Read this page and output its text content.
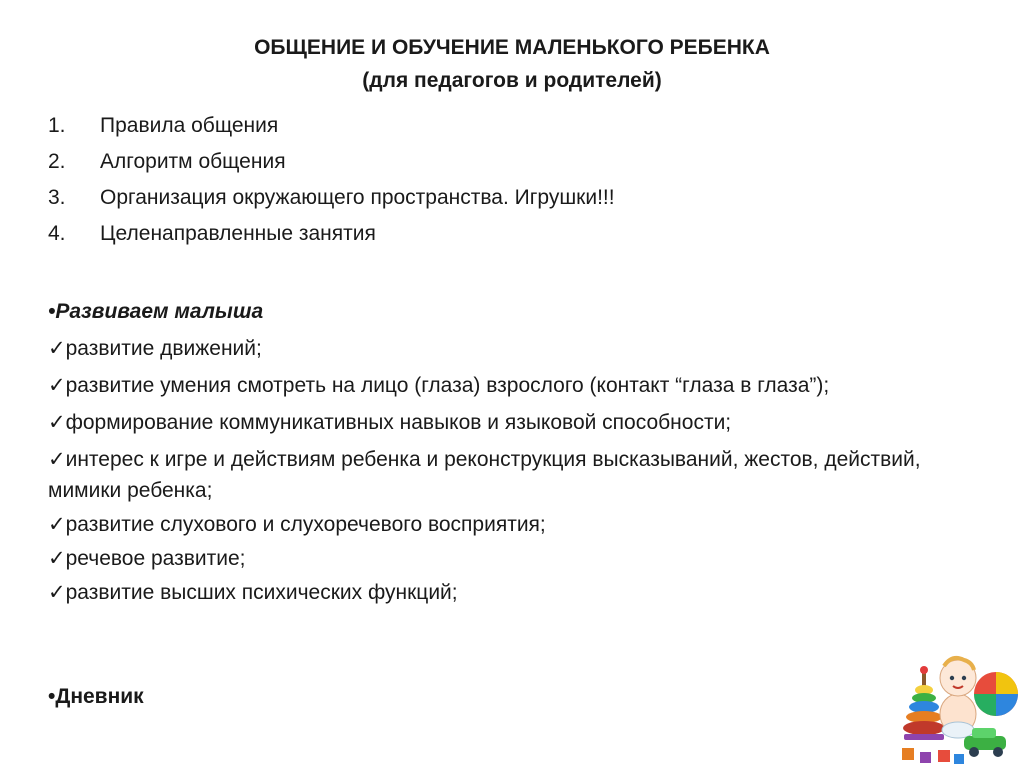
ОБЩЕНИЕ И ОБУЧЕНИЕ МАЛЕНЬКОГО РЕБЕНКА
(для педагогов и родителей)
1.	Правила общения
2.	Алгоритм общения
3.	Организация окружающего пространства. Игрушки!!!
4.	Целенаправленные занятия
•Развиваем малыша
✓развитие движений;
✓развитие умения смотреть на лицо (глаза) взрослого (контакт “глаза в глаза”);
✓формирование коммуникативных навыков и языковой способности;
✓интерес к игре и действиям ребенка и реконструкция высказываний, жестов, действий, мимики ребенка;
✓развитие слухового и слухоречевого восприятия;
✓речевое развитие;
✓развитие высших психических функций;
•Дневник
